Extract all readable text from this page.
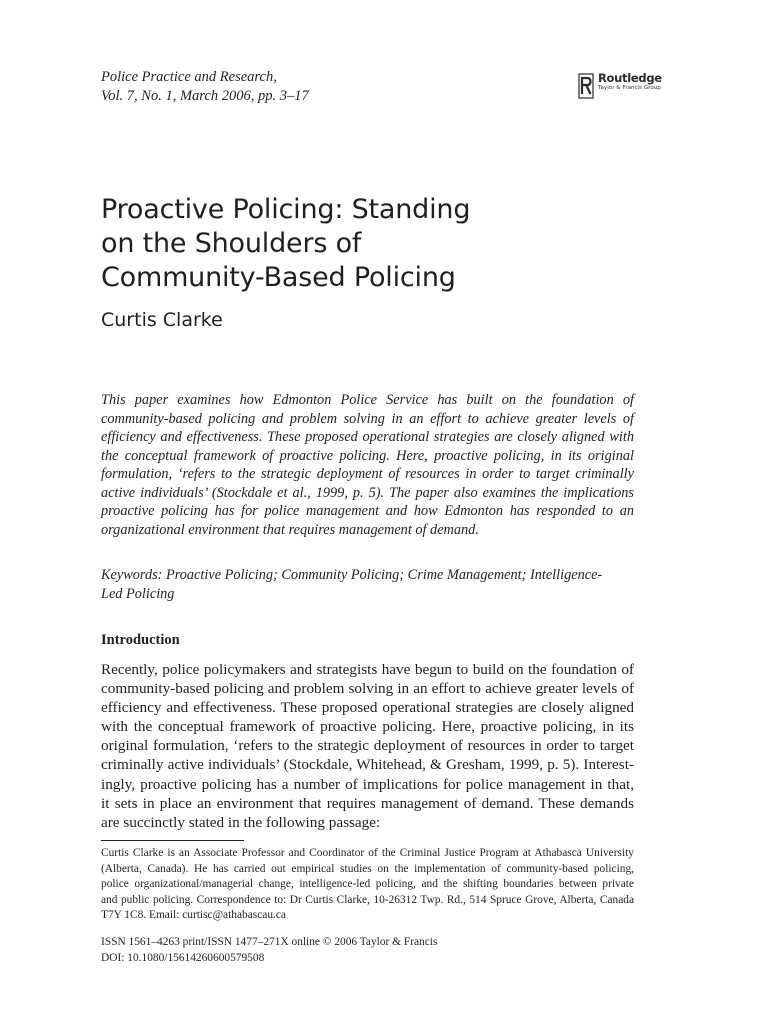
Police Practice and Research,
Vol. 7, No. 1, March 2006, pp. 3–17
Routledge
Taylor & Francis Group
Proactive Policing: Standing
on the Shoulders of
Community-Based Policing
Curtis Clarke
This paper examines how Edmonton Police Service has built on the foundation of
community-based policing and problem solving in an effort to achieve greater levels of
efficiency and effectiveness. These proposed operational strategies are closely aligned with
the conceptual framework of proactive policing. Here, proactive policing, in its original
formulation, ‘refers to the strategic deployment of resources in order to target criminally
active individuals’ (Stockdale et al., 1999, p. 5). The paper also examines the implications
proactive policing has for police management and how Edmonton has responded to an
organizational environment that requires management of demand.
Keywords: Proactive Policing; Community Policing; Crime Management; Intelligence-
Led Policing
Introduction
Recently, police policymakers and strategists have begun to build on the foundation of
community-based policing and problem solving in an effort to achieve greater levels of
efficiency and effectiveness. These proposed operational strategies are closely aligned
with the conceptual framework of proactive policing. Here, proactive policing, in its
original formulation, ‘refers to the strategic deployment of resources in order to target
criminally active individuals’ (Stockdale, Whitehead, & Gresham, 1999, p. 5). Interest-
ingly, proactive policing has a number of implications for police management in that,
it sets in place an environment that requires management of demand. These demands
are succinctly stated in the following passage:
Curtis Clarke is an Associate Professor and Coordinator of the Criminal Justice Program at Athabasca University
(Alberta, Canada). He has carried out empirical studies on the implementation of community-based policing,
police organizational/managerial change, intelligence-led policing, and the shifting boundaries between private
and public policing. Correspondence to: Dr Curtis Clarke, 10-26312 Twp. Rd., 514 Spruce Grove, Alberta, Canada
T7Y 1C8. Email: curtisc@athabascau.ca
ISSN 1561–4263 print/ISSN 1477–271X online © 2006 Taylor & Francis
DOI: 10.1080/15614260600579508
